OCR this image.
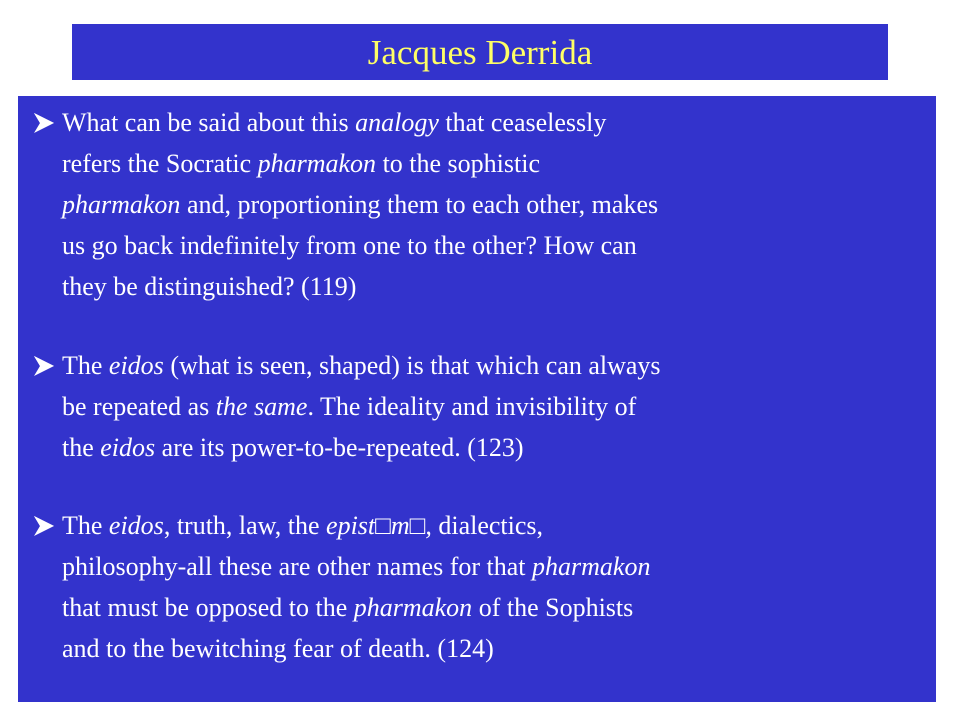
Jacques Derrida
What can be said about this analogy that ceaselessly
refers the Socratic pharmakon to the sophistic
pharmakon and, proportioning them to each other, makes
us go back indefinitely from one to the other? How can
they be distinguished? (119)
The eidos (what is seen, shaped) is that which can always
be repeated as the same. The ideality and invisibility of
the eidos are its power-to-be-repeated. (123)
The eidos, truth, law, the epist□m□, dialectics,
philosophy-all these are other names for that pharmakon
that must be opposed to the pharmakon of the Sophists
and to the bewitching fear of death. (124)
